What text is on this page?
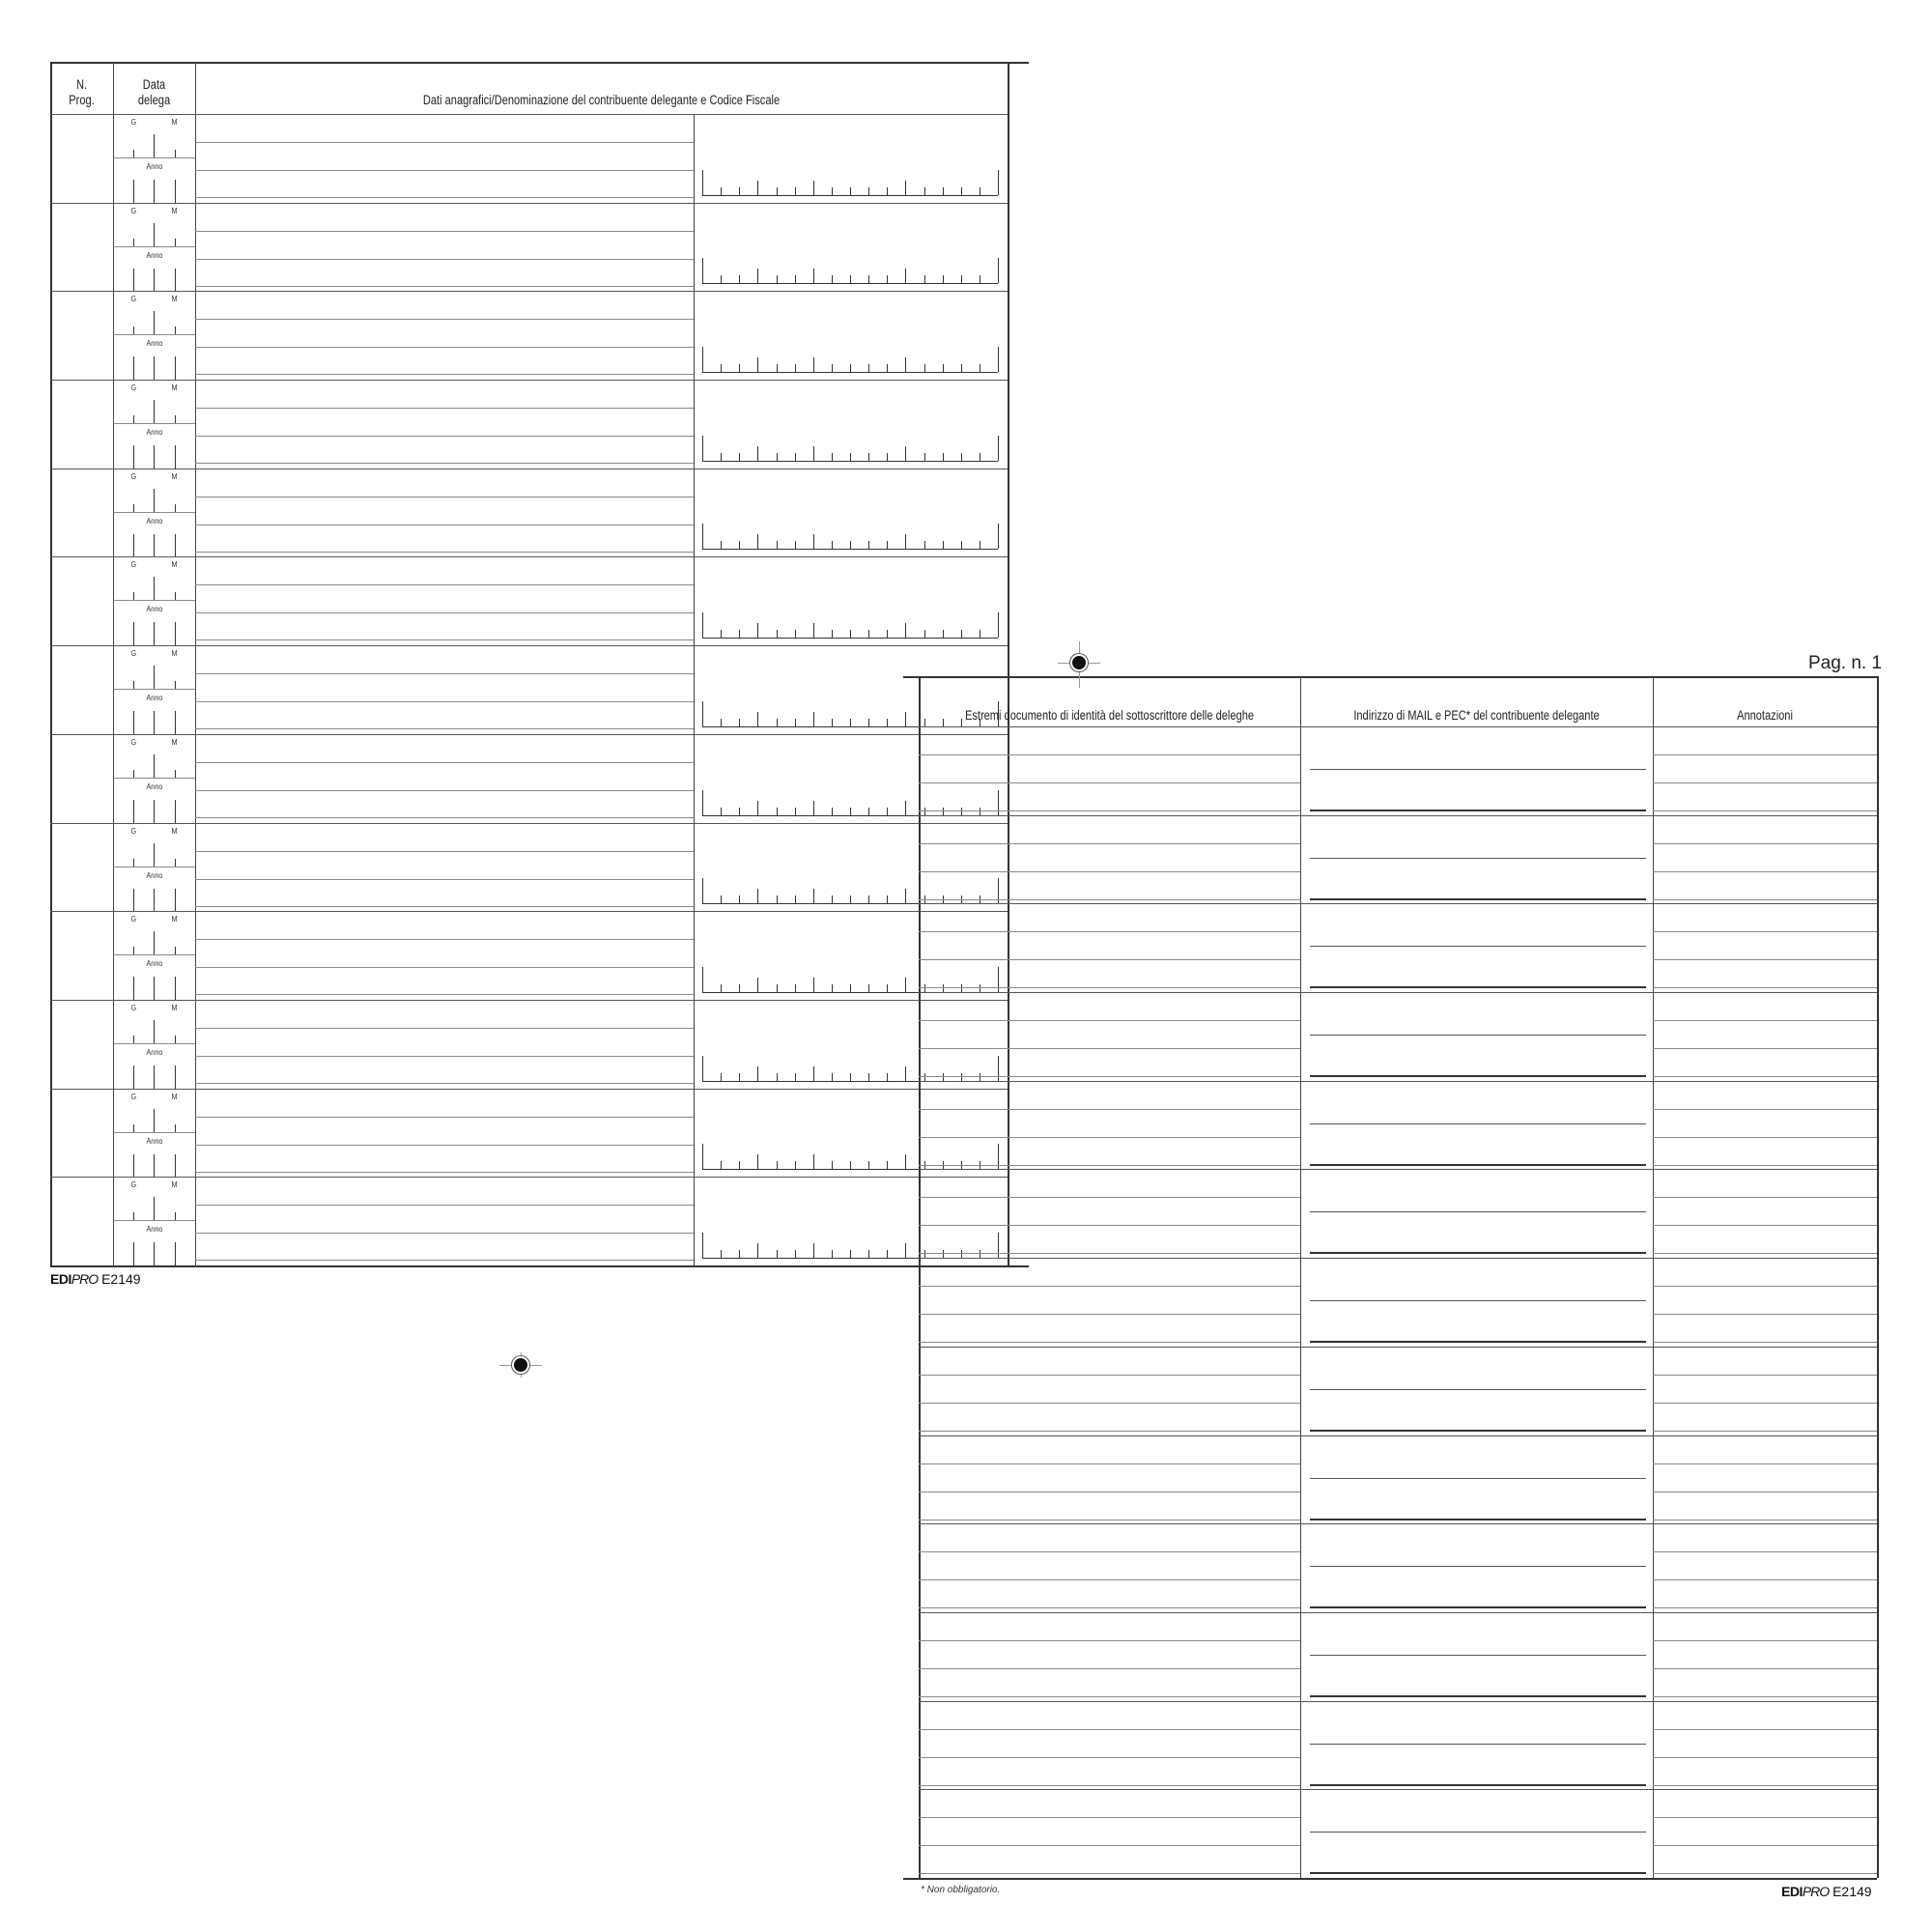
N.
Prog.
Data
delega	Dati anagrafici/Denominazione del contribuente delegante e Codice Fiscale
G	M
Anno
G	M
Anno
G	M
Anno
G	M
Anno
G	M
Anno
G	M
Anno
G	M
Anno
G	M
Anno
G	M
Anno
G	M
Anno
G	M
Anno
G	M
Anno
G	M
Anno
EDIPRO E2149
Pag. n. 1
Estremi documento di identità del sottoscrittore delle deleghe	Indirizzo di MAIL e PEC* del contribuente delegante	Annotazioni
* Non obbligatorio.	EDIPRO E2149
